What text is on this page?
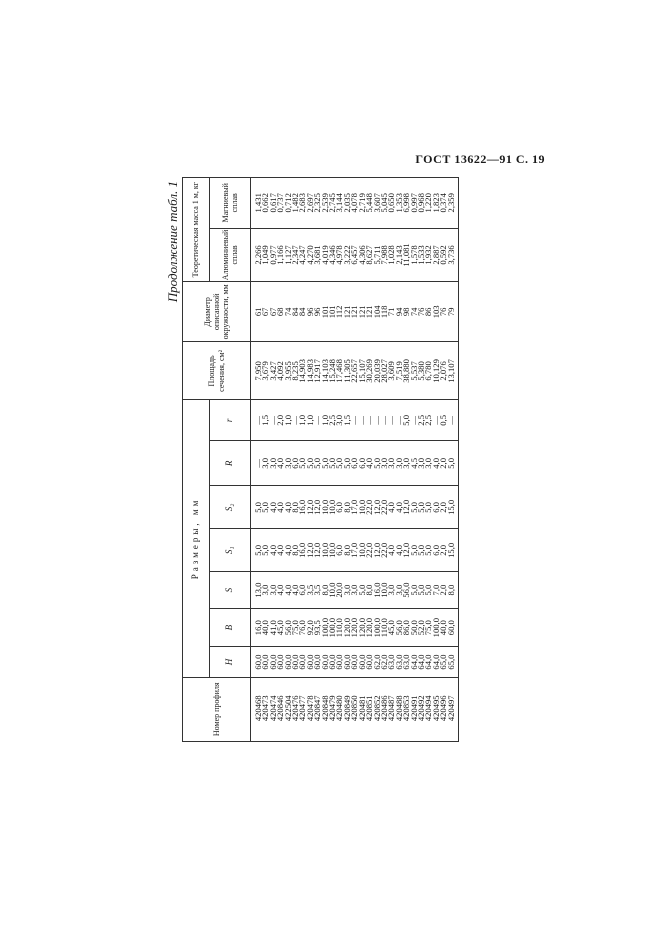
ГОСТ 13622—91 С. 19
Продолжение табл. 1
Номер профиля	Размеры, мм							Площадь сечения, см²	Диаметр описанной окружности, мм	Теоретическая масса 1 м, кг	
	H	B	S	S₁	S₂	R	r			Алюминиевый сплав	Магниевый сплав
420468	60,0	16,0	13,0	5,0	5,0	—	—	7,950	61	2,266	1,431
420473	60,0	40,0	3,0	5,0	5,0	3,0	1,5	3,679	67	1,049	0,662
420474	60,0	41,0	3,0	4,0	4,0	3,0	—	3,427	67	0,977	0,617
420846	60,0	45,0	4,0	4,0	4,0	4,0	2,0	4,092	68	1,166	0,737
422504	60,0	56,0	4,0	4,0	4,0	3,0	1,0	3,955	74	1,127	0,712
420476	60,0	75,0	4,0	8,0	8,0	6,0	—	8,235	84	2,347	1,482
420477	60,0	76,0	6,0	16,0	16,0	5,0	1,0	14,903	84	4,247	2,683
420478	60,0	92,0	3,5	12,0	12,0	5,0	1,0	14,983	96	4,270	2,697
420847	60,0	93,5	3,5	12,0	12,0	5,0	—	12,917	96	3,681	2,325
420848	60,0	100,0	8,0	10,0	10,0	5,0	1,0	14,103	101	4,019	2,539
420479	60,0	100,0	10,0	10,0	10,0	5,0	2,5	15,248	101	4,346	2,745
420480	60,0	110,0	20,0	6,0	6,0	5,0	3,0	17,468	112	4,978	3,144
420849	60,0	120,0	3,0	8,0	8,0	5,0	1,5	11,305	121	3,222	2,035
420850	60,0	120,0	3,0	17,0	17,0	6,0	—	22,657	121	6,457	4,078
420481	60,0	120,0	5,0	10,0	10,0	6,0	—	15,107	121	4,306	2,719
420851	60,0	120,0	8,0	22,0	22,0	4,0	—	30,269	121	8,627	5,448
420852	62,0	100,0	16,0	12,0	12,0	5,0	—	20,039	104	5,711	3,607
420486	62,0	110,0	10,0	22,0	22,0	3,0	—	28,027	118	7,988	5,045
420487	63,0	45,0	3,0	4,0	4,0	3,0	—	3,609	71	1,028	0,650
420488	63,0	56,0	3,0	4,0	4,0	3,0	—	7,519	94	2,143	1,353
420853	63,0	86,0	56,0	12,0	12,0	3,0	5,0	38,880	98	11,081	6,998
420491	64,0	50,0	5,0	5,0	5,0	4,5	—	5,537	74	1,578	0,997
420492	64,0	52,0	5,0	5,0	5,0	3,0	2,5	5,380	76	1,533	0,968
420494	64,0	75,0	5,0	5,0	5,0	3,0	2,5	6,780	86	1,932	1,220
420495	64,0	100,0	7,0	6,0	6,0	4,0	—	10,129	103	2,887	1,823
420496	65,0	40,0	2,0	2,0	2,0	2,0	0,5	2,076	76	0,592	0,374
420497	65,0	60,0	8,0	15,0	15,0	5,0	—	13,107	79	3,736	2,359
